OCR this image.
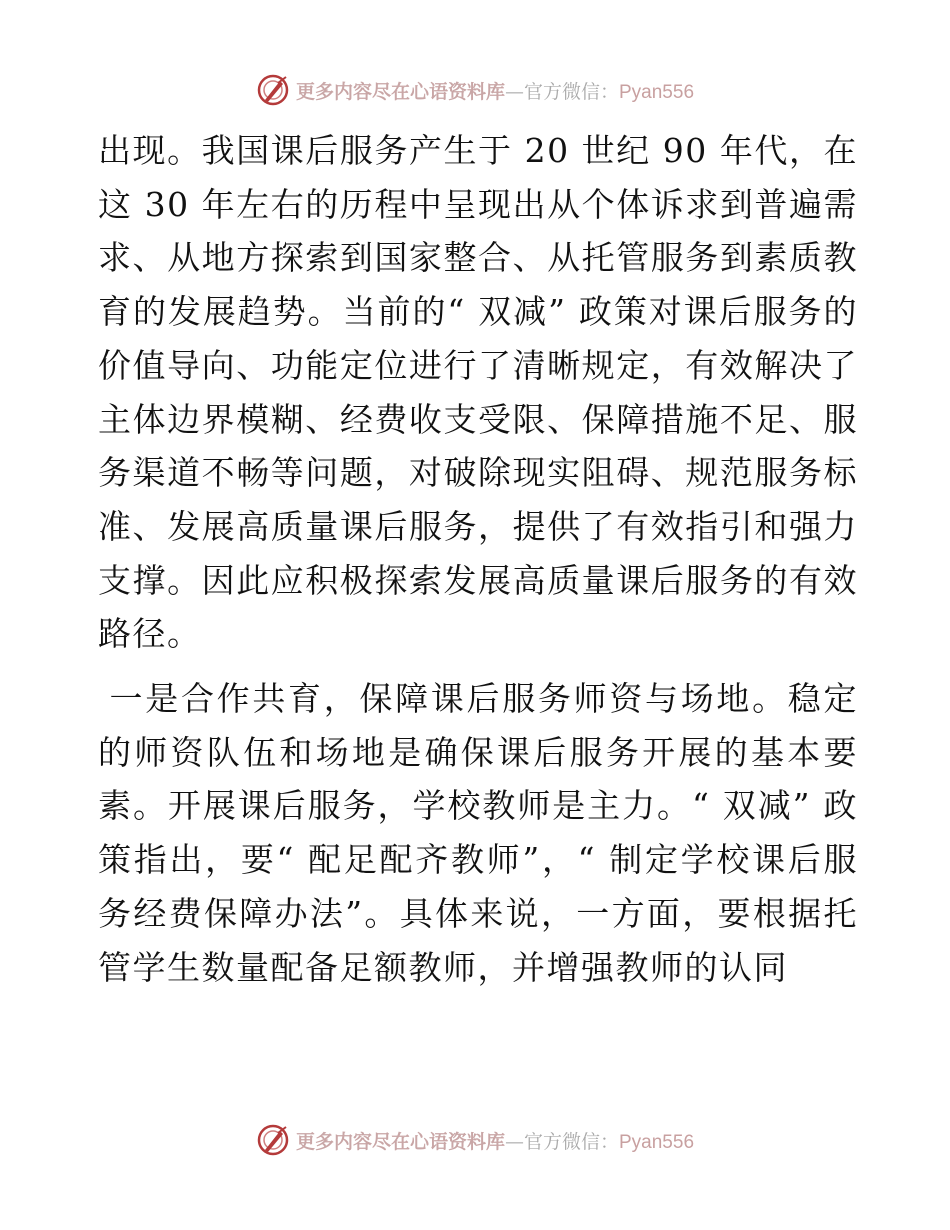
更多内容尽在心语资料库—官方微信：Pyan556

出现。我国课后服务产生于 20 世纪 90 年代，在这 30 年左右的历程中呈现出从个体诉求到普遍需求、从地方探索到国家整合、从托管服务到素质教育的发展趋势。当前的“ 双减” 政策对课后服务的价值导向、功能定位进行了清晰规定，有效解决了主体边界模糊、经费收支受限、保障措施不足、服务渠道不畅等问题，对破除现实阻碍、规范服务标准、发展高质量课后服务，提供了有效指引和强力支撑。因此应积极探索发展高质量课后服务的有效路径。

一是合作共育，保障课后服务师资与场地。稳定的师资队伍和场地是确保课后服务开展的基本要素。开展课后服务，学校教师是主力。“ 双减” 政策指出，要“ 配足配齐教师”，“ 制定学校课后服务经费保障办法”。具体来说，一方面，要根据托管学生数量配备足额教师，并增强教师的认同

更多内容尽在心语资料库—官方微信：Pyan556
